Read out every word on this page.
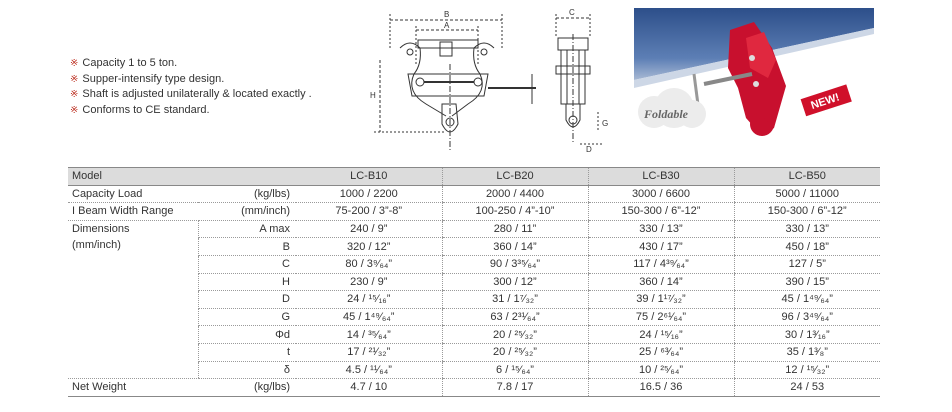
※ Capacity 1 to 5 ton.
※ Supper-intensify type design.
※ Shaft is adjusted unilaterally & located exactly .
※ Conforms to CE standard.
B
A
H
C
G
D
Foldable
NEW!
Model		LC-B10	LC-B20	LC-B30	LC-B50
Capacity Load	(kg/lbs)	1000 / 2200	2000 / 4400	3000 / 6600	5000 / 11000
I Beam Width Range	(mm/inch)	75-200 / 3”-8”	100-250 / 4”-10”	150-300 / 6”-12”	150-300 / 6”-12”

Dimensions
(mm/inch)	A max	240 / 9”	280 / 11”	330 / 13”	330 / 13”
	B	320 / 12”	360 / 14”	430 / 17”	450 / 18”
	C	80 / 3⁹⁄₆₄”	90 / 3³⁵⁄₆₄”	117 / 4³⁹⁄₆₄”	127 / 5”
	H	230 / 9”	300 / 12”	360 / 14”	390 / 15”
	D	24 / ¹⁵⁄₁₆”	31 / 1⁷⁄₃₂”	39 / 1¹⁷⁄₃₂”	45 / 1⁴⁹⁄₆₄”
	G	45 / 1⁴⁹⁄₆₄”	63 / 2³¹⁄₆₄”	75 / 2⁶¹⁄₆₄”	96 / 3⁴⁹⁄₆₄”
	Φd	14 / ³⁵⁄₆₄”	20 / ²⁵⁄₃₂”	24 / ¹⁵⁄₁₆”	30 / 1³⁄₁₆”
	t	17 / ²¹⁄₃₂”	20 / ²⁵⁄₃₂”	25 / ⁶³⁄₆₄”	35 / 1³⁄₈”
	δ	4.5 / ¹¹⁄₆₄”	6 / ¹⁵⁄₆₄”	10 / ²⁵⁄₆₄”	12 / ¹⁵⁄₃₂”
Net Weight	(kg/lbs)	4.7 / 10	7.8 / 17	16.5 / 36	24 / 53
